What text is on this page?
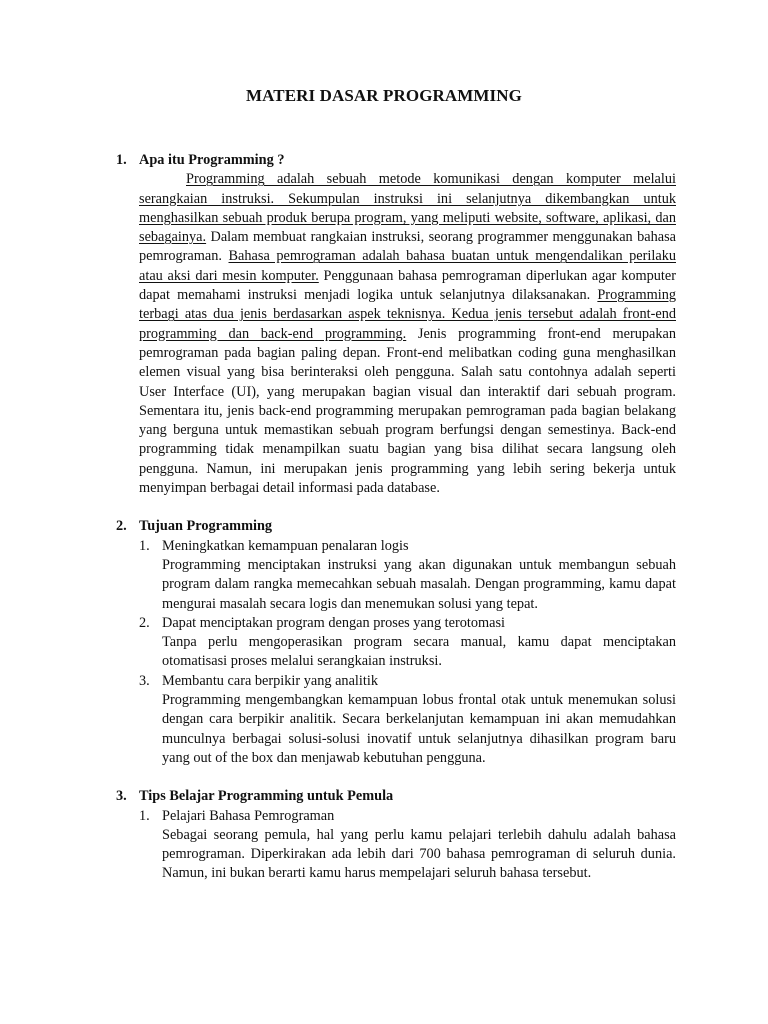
MATERI DASAR PROGRAMMING
1. Apa itu Programming ?
Programming adalah sebuah metode komunikasi dengan komputer melalui serangkaian instruksi. Sekumpulan instruksi ini selanjutnya dikembangkan untuk menghasilkan sebuah produk berupa program, yang meliputi website, software, aplikasi, dan sebagainya. Dalam membuat rangkaian instruksi, seorang programmer menggunakan bahasa pemrograman. Bahasa pemrograman adalah bahasa buatan untuk mengendalikan perilaku atau aksi dari mesin komputer. Penggunaan bahasa pemrograman diperlukan agar komputer dapat memahami instruksi menjadi logika untuk selanjutnya dilaksanakan. Programming terbagi atas dua jenis berdasarkan aspek teknisnya. Kedua jenis tersebut adalah front-end programming dan back-end programming. Jenis programming front-end merupakan pemrograman pada bagian paling depan. Front-end melibatkan coding guna menghasilkan elemen visual yang bisa berinteraksi oleh pengguna. Salah satu contohnya adalah seperti User Interface (UI), yang merupakan bagian visual dan interaktif dari sebuah program. Sementara itu, jenis back-end programming merupakan pemrograman pada bagian belakang yang berguna untuk memastikan sebuah program berfungsi dengan semestinya. Back-end programming tidak menampilkan suatu bagian yang bisa dilihat secara langsung oleh pengguna. Namun, ini merupakan jenis programming yang lebih sering bekerja untuk menyimpan berbagai detail informasi pada database.
2. Tujuan Programming
1. Meningkatkan kemampuan penalaran logis
Programming menciptakan instruksi yang akan digunakan untuk membangun sebuah program dalam rangka memecahkan sebuah masalah. Dengan programming, kamu dapat mengurai masalah secara logis dan menemukan solusi yang tepat.
2. Dapat menciptakan program dengan proses yang terotomasi
Tanpa perlu mengoperasikan program secara manual, kamu dapat menciptakan otomatisasi proses melalui serangkaian instruksi.
3. Membantu cara berpikir yang analitik
Programming mengembangkan kemampuan lobus frontal otak untuk menemukan solusi dengan cara berpikir analitik. Secara berkelanjutan kemampuan ini akan memudahkan munculnya berbagai solusi-solusi inovatif untuk selanjutnya dihasilkan program baru yang out of the box dan menjawab kebutuhan pengguna.
3. Tips Belajar Programming untuk Pemula
1. Pelajari Bahasa Pemrograman
Sebagai seorang pemula, hal yang perlu kamu pelajari terlebih dahulu adalah bahasa pemrograman. Diperkirakan ada lebih dari 700 bahasa pemrograman di seluruh dunia. Namun, ini bukan berarti kamu harus mempelajari seluruh bahasa tersebut.
